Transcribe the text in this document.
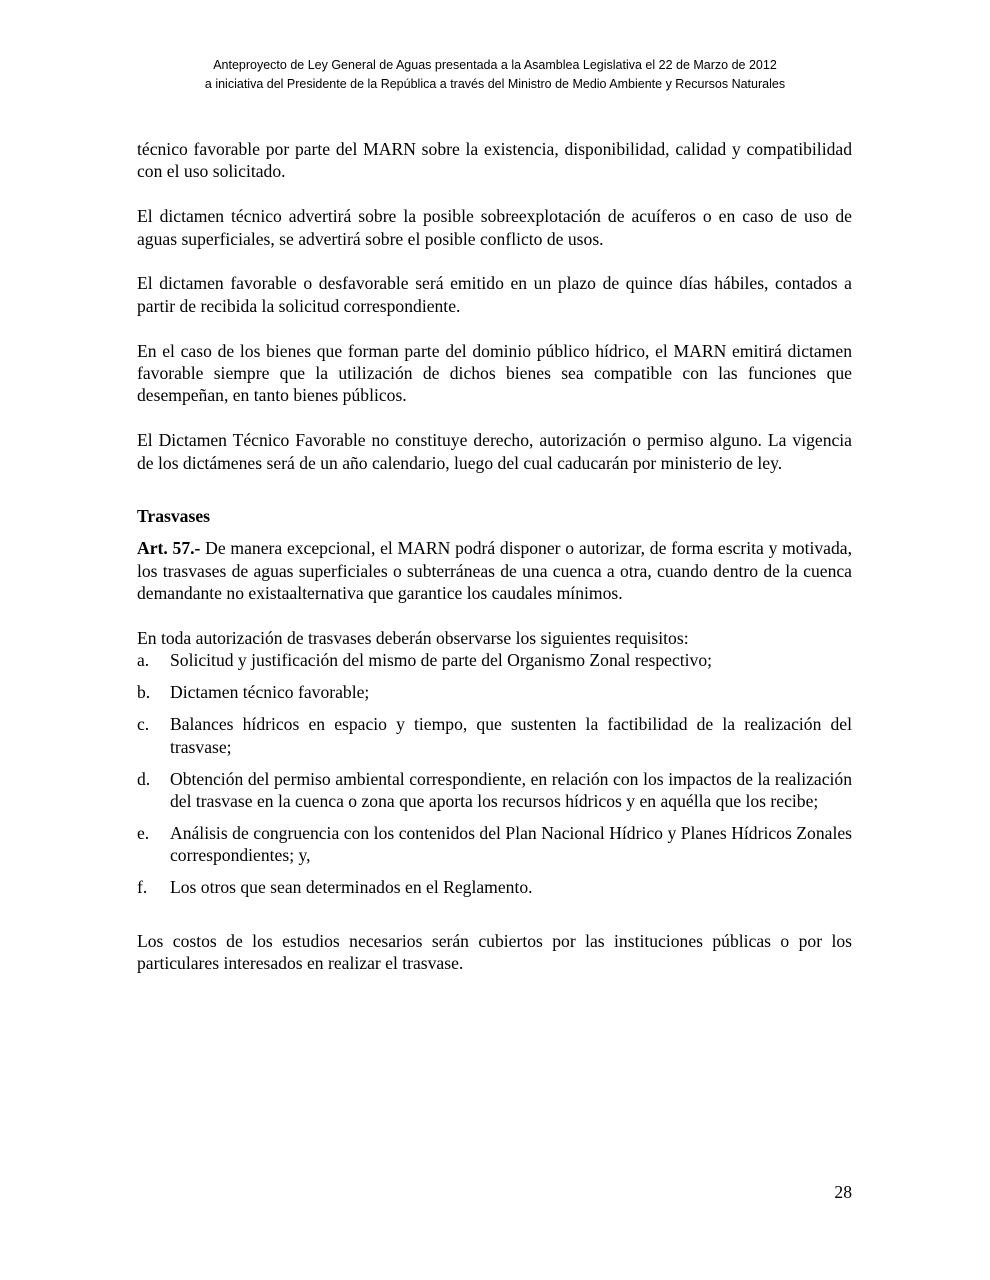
Anteproyecto de Ley General de Aguas presentada a la Asamblea Legislativa el 22 de Marzo de 2012
a iniciativa del Presidente de la República a través del Ministro de Medio Ambiente y Recursos Naturales

técnico favorable por parte del MARN sobre la existencia, disponibilidad, calidad y compatibilidad con el uso solicitado.

El dictamen técnico advertirá sobre la posible sobreexplotación de acuíferos o en caso de uso de aguas superficiales, se advertirá sobre el posible conflicto de usos.

El dictamen favorable o desfavorable será emitido en un plazo de quince días hábiles, contados a partir de recibida la solicitud correspondiente.

En el caso de los bienes que forman parte del dominio público hídrico, el MARN emitirá dictamen favorable siempre que la utilización de dichos bienes sea compatible con las funciones que desempeñan, en tanto bienes públicos.

El Dictamen Técnico Favorable no constituye derecho, autorización o permiso alguno. La vigencia de los dictámenes será de un año calendario, luego del cual caducarán por ministerio de ley.

Trasvases

Art. 57.- De manera excepcional, el MARN podrá disponer o autorizar, de forma escrita y motivada, los trasvases de aguas superficiales o subterráneas de una cuenca a otra, cuando dentro de la cuenca demandante no existaalternativa que garantice los caudales mínimos.

En toda autorización de trasvases deberán observarse los siguientes requisitos:

a.	Solicitud y justificación del mismo de parte del Organismo Zonal respectivo;
b.	Dictamen técnico favorable;
c.	Balances hídricos en espacio y tiempo, que sustenten la factibilidad de la realización del trasvase;
d.	Obtención del permiso ambiental correspondiente, en relación con los impactos de la realización del trasvase en la cuenca o zona que aporta los recursos hídricos y en aquélla que los recibe;
e.	Análisis de congruencia con los contenidos del Plan Nacional Hídrico y Planes Hídricos Zonales correspondientes; y,
f.	Los otros que sean determinados en el Reglamento.

Los costos de los estudios necesarios serán cubiertos por las instituciones públicas o por los particulares interesados en realizar el trasvase.

28
